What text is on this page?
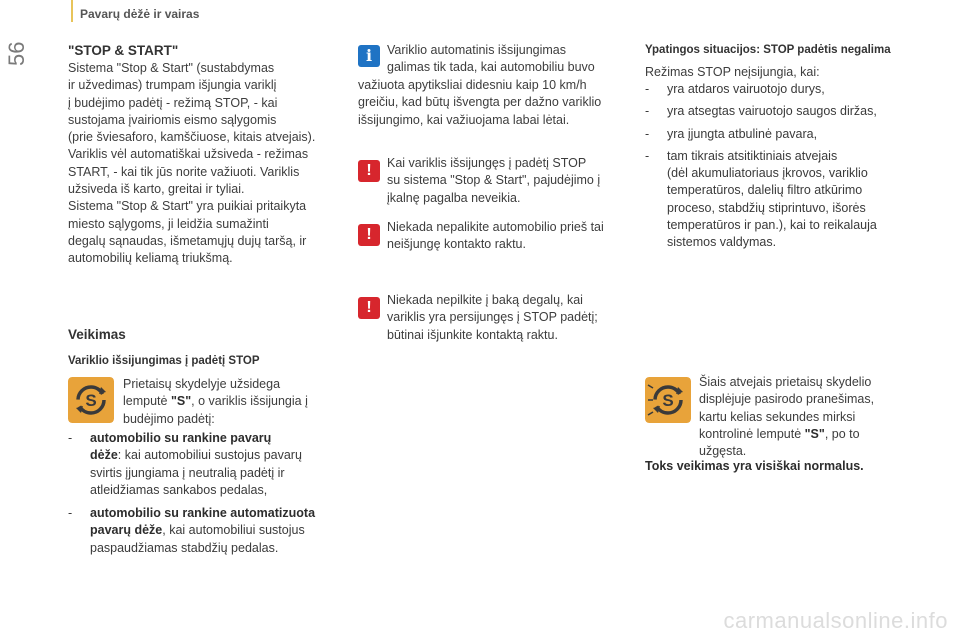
56
Pavarų dėžė ir vairas
"STOP & START"

Sistema "Stop & Start" (sustabdymas
ir užvedimas) trumpam išjungia variklį
į budėjimo padėtį - režimą STOP, - kai
sustojama įvairiomis eismo sąlygomis
(prie šviesaforo, kamščiuose, kitais atvejais).
Variklis vėl automatiškai užsiveda - režimas
START, - kai tik jūs norite važiuoti. Variklis
užsiveda iš karto, greitai ir tyliai.
Sistema "Stop & Start" yra puikiai pritaikyta
miesto sąlygoms, ji leidžia sumažinti
degalų sąnaudas, išmetamųjų dujų taršą, ir
automobilių keliamą triukšmą.

Veikimas
Variklio išsijungimas į padėtį STOP
S

Prietaisų skydelyje užsidega
lemputė "S", o variklis išsijungia į
budėjimo padėtį:

-	automobilio su rankine pavarų
dėže: kai automobiliui sustojus pavarų
svirtis įjungiama į neutralią padėtį ir
atleidžiamas sankabos pedalas,
-	automobilio su rankine automatizuota
pavarų dėže, kai automobiliui sustojus
paspaudžiamas stabdžių pedalas.
i	Variklio automatinis išsijungimas
galimas tik tada, kai automobiliu buvo

važiuota apytiksliai didesniu kaip 10 km/h
greičiu, kad būtų išvengta per dažno variklio
išsijungimo, kai važiuojama labai lėtai.

!	Kai variklis išsijungęs į padėtį STOP
su sistema "Stop & Start", pajudėjimo į
įkalnę pagalba neveikia.

!	Niekada nepalikite automobilio prieš tai
neišjungę kontakto raktu.

!	Niekada nepilkite į baką degalų, kai
variklis yra persijungęs į STOP padėtį;
būtinai išjunkite kontaktą raktu.

Ypatingos situacijos: STOP padėtis negalima

Režimas STOP neįsijungia, kai:

-	yra atdaros vairuotojo durys,
-	yra atsegtas vairuotojo saugos diržas,
-	yra įjungta atbulinė pavara,
-	tam tikrais atsitiktiniais atvejais
(dėl akumuliatoriaus įkrovos, variklio
temperatūros, dalelių filtro atkūrimo
proceso, stabdžių stiprintuvo, išorės
temperatūros ir pan.), kai to reikalauja
sistemos valdymas.
S

Šiais atvejais prietaisų skydelio
displėjuje pasirodo pranešimas,
kartu kelias sekundes mirksi
kontrolinė lemputė "S", po to
užgęsta.

Toks veikimas yra visiškai normalus.

carmanualsonline.info
